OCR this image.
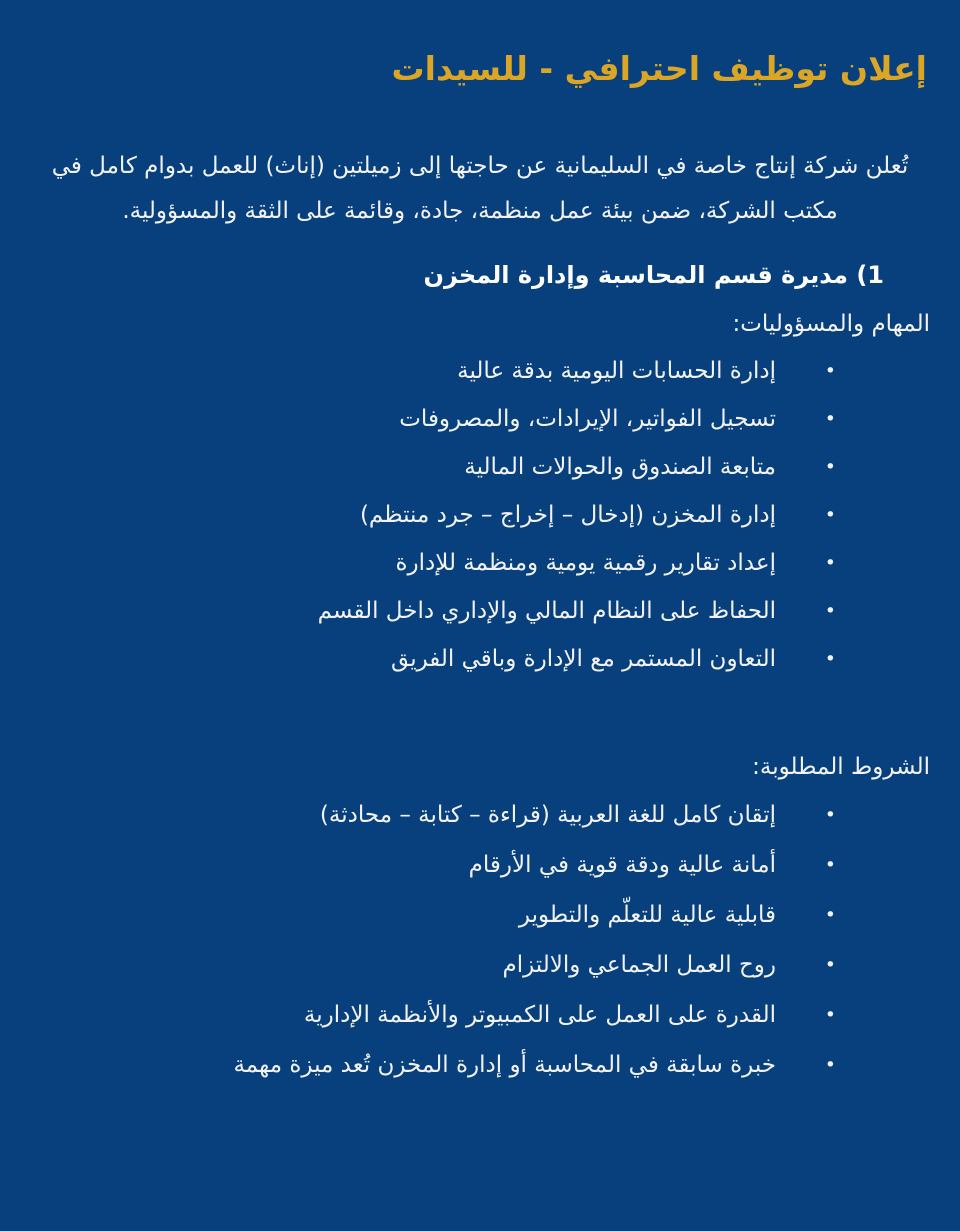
إعلان توظيف احترافي - للسيدات

تُعلن شركة إنتاج خاصة في السليمانية عن حاجتها إلى زميلتين (إناث) للعمل بدوام كامل في مكتب الشركة، ضمن بيئة عمل منظمة، جادة، وقائمة على الثقة والمسؤولية.

1) مديرة قسم المحاسبة وإدارة المخزن
المهام والمسؤوليات:
•
إدارة الحسابات اليومية بدقة عالية
•
تسجيل الفواتير، الإيرادات، والمصروفات
•
متابعة الصندوق والحوالات المالية
•
إدارة المخزن (إدخال – إخراج – جرد منتظم)
•
إعداد تقارير رقمية يومية ومنظمة للإدارة
•
الحفاظ على النظام المالي والإداري داخل القسم
•
التعاون المستمر مع الإدارة وباقي الفريق
الشروط المطلوبة:
•
إتقان كامل للغة العربية (قراءة – كتابة – محادثة)
•
أمانة عالية ودقة قوية في الأرقام
•
قابلية عالية للتعلّم والتطوير
•
روح العمل الجماعي والالتزام
•
القدرة على العمل على الكمبيوتر والأنظمة الإدارية
•
خبرة سابقة في المحاسبة أو إدارة المخزن تُعد ميزة مهمة
